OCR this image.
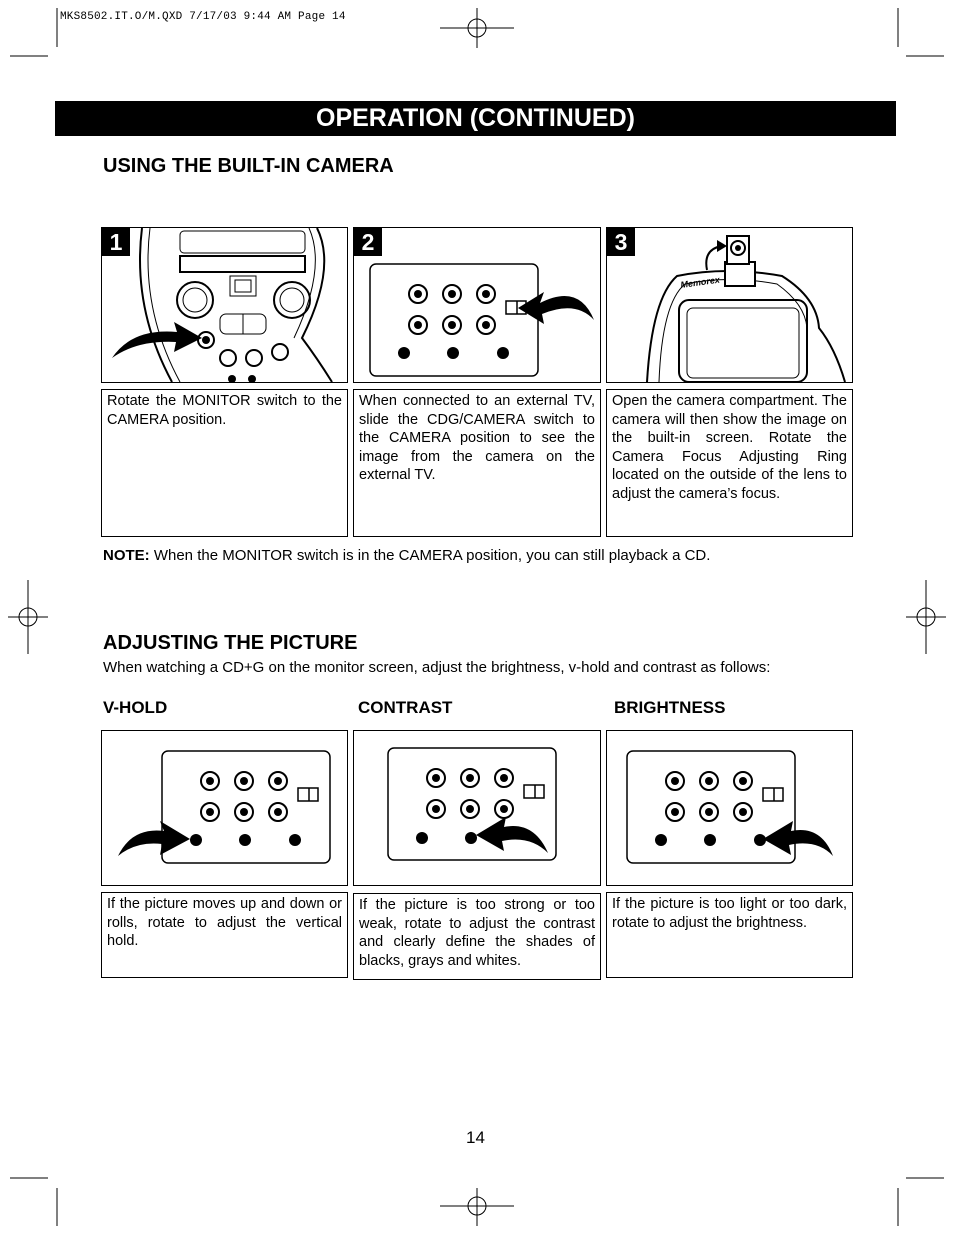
MKS8502.IT.O/M.QXD 7/17/03 9:44 AM Page 14
OPERATION (CONTINUED)
USING THE BUILT-IN CAMERA
1	2
Memorex
3
Rotate the MONITOR switch to the CAMERA position.
When connected to an external TV, slide the CDG/CAMERA switch to the CAMERA position to see the image from the camera on the external TV.
Open the camera compartment. The camera will then show the image on the built-in screen. Rotate the Camera Focus Adjusting Ring located on the outside of the lens to adjust the camera’s focus.
NOTE: When the MONITOR switch is in the CAMERA position, you can still playback a CD.
ADJUSTING THE PICTURE
When watching a CD+G on the monitor screen, adjust the brightness, v-hold and contrast as follows:
V-HOLD	CONTRAST	BRIGHTNESS
If the picture moves up and down or rolls, rotate to adjust the vertical hold.
If the picture is too strong or too weak, rotate to adjust the contrast and clearly define the shades of blacks, grays and whites.
If the picture is too light or too dark, rotate to adjust the brightness.
14
